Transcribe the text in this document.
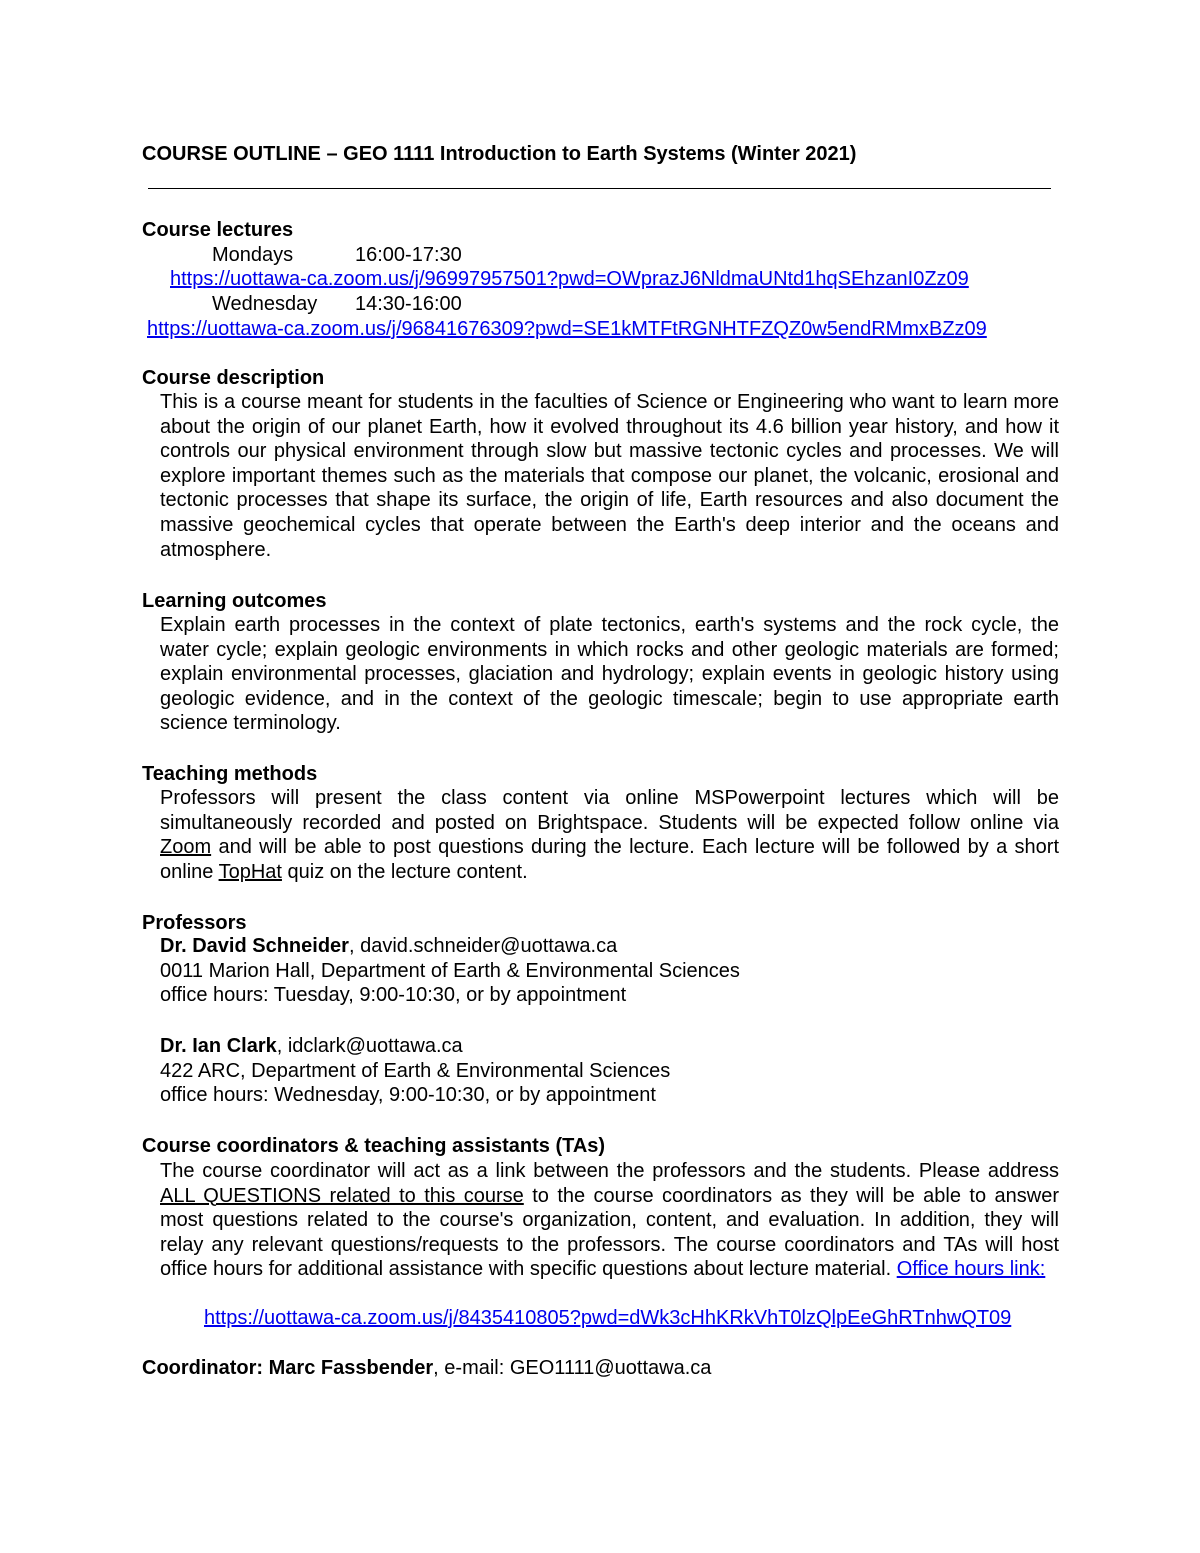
COURSE OUTLINE – GEO 1111 Introduction to Earth Systems (Winter 2021)
Course lectures
Mondays	16:00-17:30
https://uottawa-ca.zoom.us/j/96997957501?pwd=OWprazJ6NldmaUNtd1hqSEhzanI0Zz09
Wednesday 14:30-16:00
https://uottawa-ca.zoom.us/j/96841676309?pwd=SE1kMTFtRGNHTFZQZ0w5endRMmxBZz09
Course description

This is a course meant for students in the faculties of Science or Engineering who want to learn more about the origin of our planet Earth, how it evolved throughout its 4.6 billion year history, and how it controls our physical environment through slow but massive tectonic cycles and processes. We will explore important themes such as the materials that compose our planet, the volcanic, erosional and tectonic processes that shape its surface, the origin of life, Earth resources and also document the massive geochemical cycles that operate between the Earth's deep interior and the oceans and atmosphere.

Learning outcomes

Explain earth processes in the context of plate tectonics, earth's systems and the rock cycle, the water cycle; explain geologic environments in which rocks and other geologic materials are formed; explain environmental processes, glaciation and hydrology; explain events in geologic history using geologic evidence, and in the context of the geologic timescale; begin to use appropriate earth science terminology.

Teaching methods

Professors will present the class content via online MSPowerpoint lectures which will be simultaneously recorded and posted on Brightspace. Students will be expected follow online via Zoom and will be able to post questions during the lecture. Each lecture will be followed by a short online TopHat quiz on the lecture content.

Professors
Dr. David Schneider, david.schneider@uottawa.ca
0011 Marion Hall, Department of Earth & Environmental Sciences
office hours: Tuesday, 9:00-10:30, or by appointment
Dr. Ian Clark, idclark@uottawa.ca
422 ARC, Department of Earth & Environmental Sciences
office hours: Wednesday, 9:00-10:30, or by appointment
Course coordinators & teaching assistants (TAs)

The course coordinator will act as a link between the professors and the students. Please address ALL QUESTIONS related to this course to the course coordinators as they will be able to answer most questions related to the course's organization, content, and evaluation. In addition, they will relay any relevant questions/requests to the professors. The course coordinators and TAs will host office hours for additional assistance with specific questions about lecture material. Office hours link:

https://uottawa-ca.zoom.us/j/8435410805?pwd=dWk3cHhKRkVhT0lzQlpEeGhRTnhwQT09
Coordinator: Marc Fassbender, e-mail: GEO1111@uottawa.ca
